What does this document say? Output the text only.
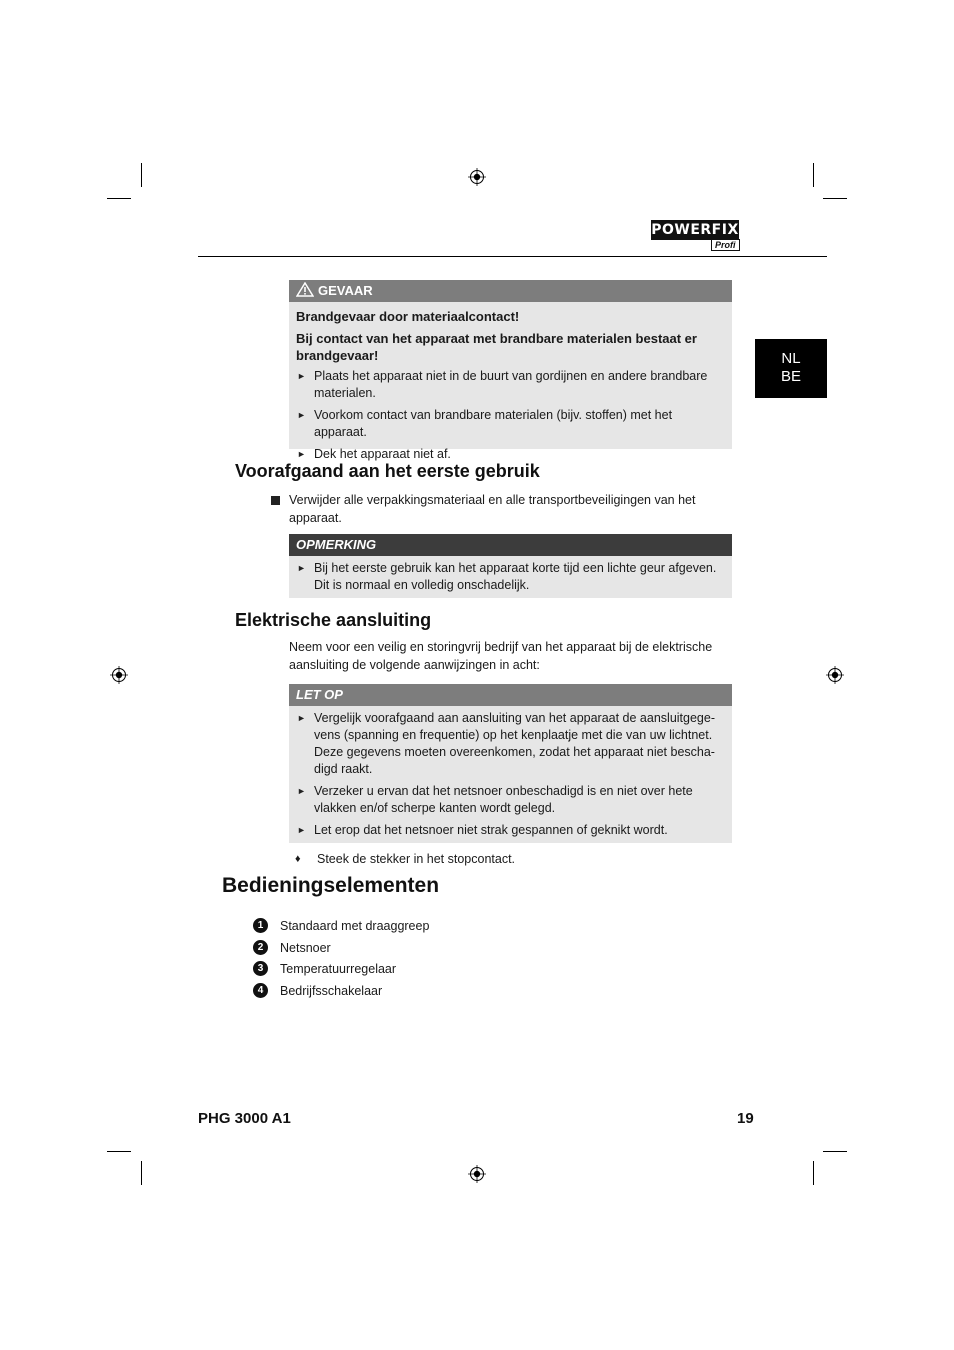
POWERFIX
Profi
NL
BE
GEVAAR
Brandgevaar door materiaalcontact!
Bij contact van het apparaat met brandbare materialen bestaat er brandgevaar!
► Plaats het apparaat niet in de buurt van gordijnen en andere brandbare materialen.
► Voorkom contact van brandbare materialen (bijv. stoffen) met het apparaat.
► Dek het apparaat niet af.
Voorafgaand aan het eerste gebruik
Verwijder alle verpakkingsmateriaal en alle transportbeveiligingen van het apparaat.
OPMERKING
► Bij het eerste gebruik kan het apparaat korte tijd een lichte geur afgeven. Dit is normaal en volledig onschadelijk.
Elektrische aansluiting
Neem voor een veilig en storingvrij bedrijf van het apparaat bij de elektrische aansluiting de volgende aanwijzingen in acht:
LET OP
► Vergelijk voorafgaand aan aansluiting van het apparaat de aansluitgege-vens (spanning en frequentie) op het kenplaatje met die van uw lichtnet. Deze gegevens moeten overeenkomen, zodat het apparaat niet bescha-digd raakt.
► Verzeker u ervan dat het netsnoer onbeschadigd is en niet over hete vlakken en/of scherpe kanten wordt gelegd.
► Let erop dat het netsnoer niet strak gespannen of geknikt wordt.
♦ Steek de stekker in het stopcontact.
Bedieningselementen
1	Standaard met draaggreep
2	Netsnoer
3	Temperatuurregelaar
4	Bedrijfsschakelaar
PHG 3000 A1	19
